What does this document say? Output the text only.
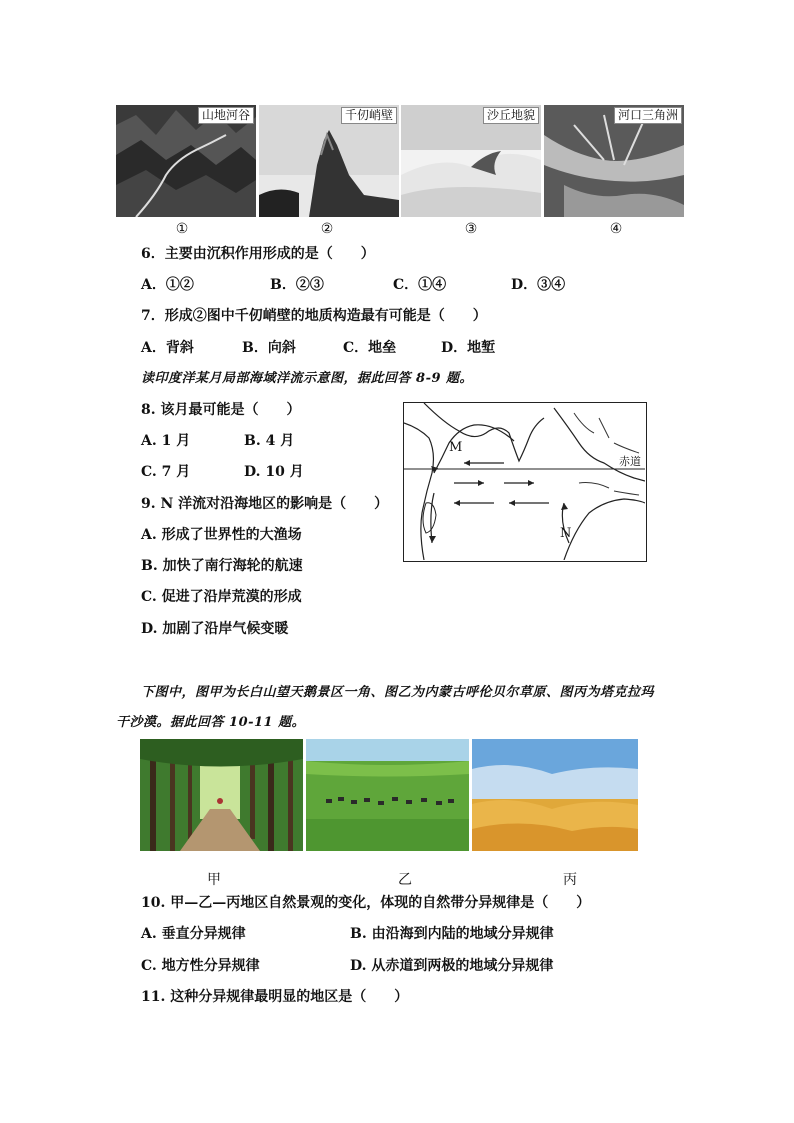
山地河谷	千仞峭壁	沙丘地貌	河口三角洲
①	②	③	④
6．主要由沉积作用形成的是（　　）
A．①②	B．②③	C．①④	D．③④
7．形成②图中千仞峭壁的地质构造最有可能是（　　）
A．背斜	B．向斜	C．地垒	D．地堑
读印度洋某月局部海域洋流示意图，据此回答 8-9 题。
8. 该月最可能是（　　）
A. 1 月	B. 4 月
C. 7 月	D. 10 月
M
N
赤道
9. N 洋流对沿海地区的影响是（　　）
A. 形成了世界性的大渔场
B. 加快了南行海轮的航速
C. 促进了沿岸荒漠的形成
D. 加剧了沿岸气候变暖
下图中，图甲为长白山望天鹅景区一角、图乙为内蒙古呼伦贝尔草原、图丙为塔克拉玛
干沙漠。据此回答 10-11 题。
甲	乙	丙
10. 甲—乙—丙地区自然景观的变化，体现的自然带分异规律是（　　）
A. 垂直分异规律	B. 由沿海到内陆的地域分异规律
C. 地方性分异规律	D. 从赤道到两极的地域分异规律
11. 这种分异规律最明显的地区是（　　）
